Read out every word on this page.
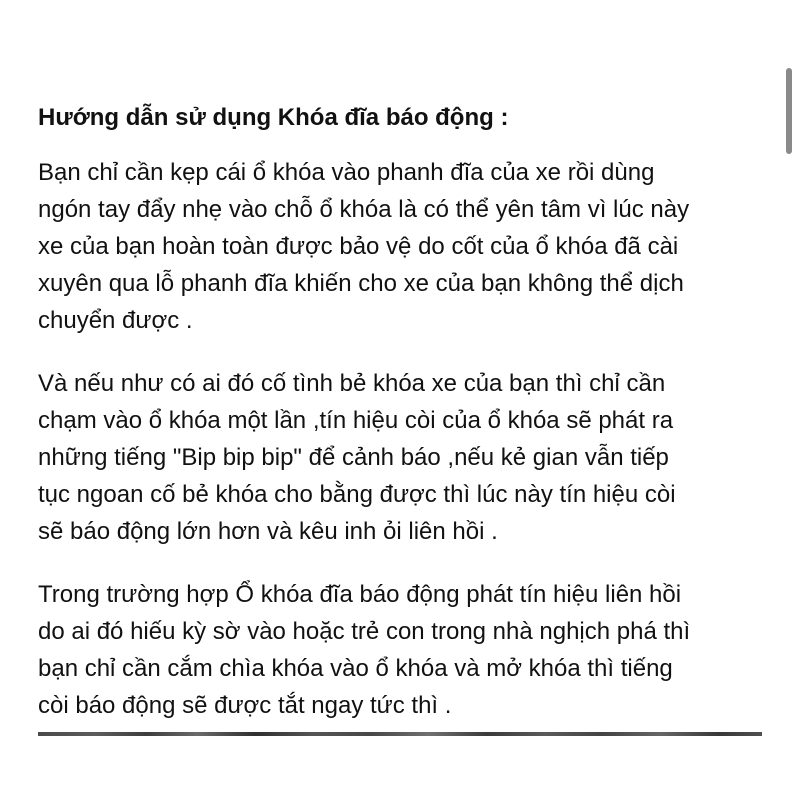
Hướng dẫn sử dụng Khóa đĩa báo động :

Bạn chỉ cần kẹp cái ổ khóa vào phanh đĩa của xe rồi dùng
ngón tay đẩy nhẹ vào chỗ ổ khóa là có thể yên tâm vì lúc này
xe của bạn hoàn toàn được bảo vệ do cốt của ổ khóa đã cài
xuyên qua lỗ phanh đĩa khiến cho xe của bạn không thể dịch
chuyển được .

Và nếu như có ai đó cố tình bẻ khóa xe của bạn thì chỉ cần
chạm vào ổ khóa một lần ,tín hiệu còi của ổ khóa sẽ phát ra
những tiếng "Bip bip bip" để cảnh báo ,nếu kẻ gian vẫn tiếp
tục ngoan cố bẻ khóa cho bằng được thì lúc này tín hiệu còi
sẽ báo động lớn hơn và kêu inh ỏi liên hồi .

Trong trường hợp Ổ khóa đĩa báo động phát tín hiệu liên hồi
do ai đó hiếu kỳ sờ vào hoặc trẻ con trong nhà nghịch phá thì
bạn chỉ cần cắm chìa khóa vào ổ khóa và mở khóa thì tiếng
còi báo động sẽ được tắt ngay tức thì .
